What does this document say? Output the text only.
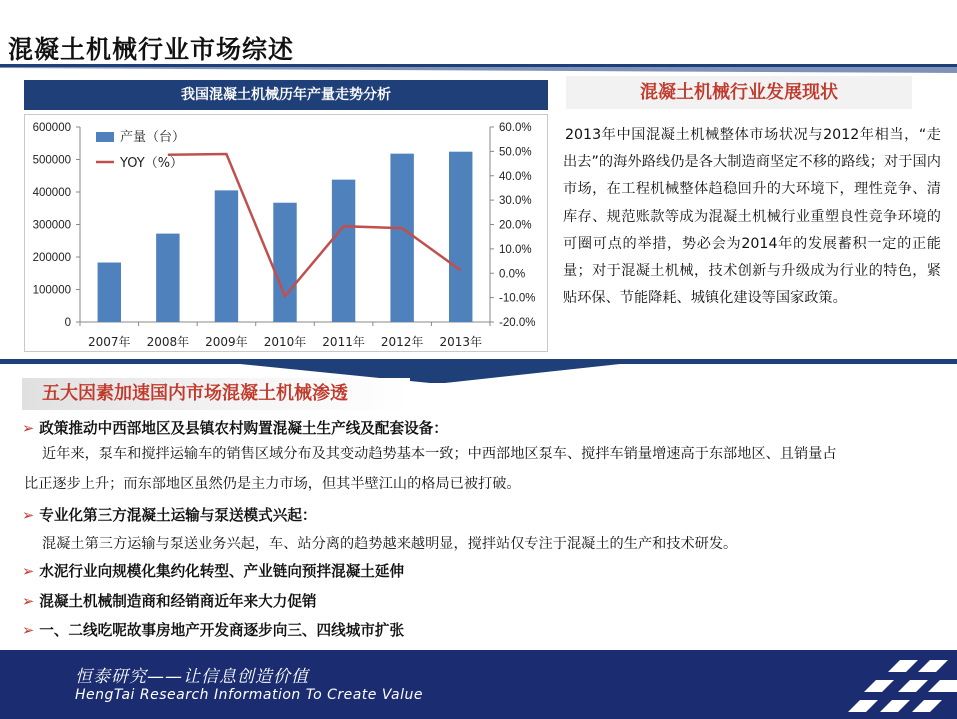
混凝土机械行业市场综述
我国混凝土机械历年产量走势分析
0
100000
200000
300000
400000
500000
600000
-20.0%
-10.0%
0.0%
10.0%
20.0%
30.0%
40.0%
50.0%
60.0%
2007年 2008年 2009年 2010年 2011年 2012年 2013年
产量（台）
YOY（%）
混凝土机械行业发展现状
2013年中国混凝土机械整体市场状况与2012年相当，“走出去”的海外路线仍是各大制造商坚定不移的路线；对于国内市场，在工程机械整体趋稳回升的大环境下，理性竞争、清库存、规范账款等成为混凝土机械行业重塑良性竞争环境的可圈可点的举措，势必会为2014年的发展蓄积一定的正能量；对于混凝土机械，技术创新与升级成为行业的特色，紧贴环保、节能降耗、城镇化建设等国家政策。
五大因素加速国内市场混凝土机械渗透
➢ 政策推动中西部地区及县镇农村购置混凝土生产线及配套设备：
近年来，泵车和搅拌运输车的销售区域分布及其变动趋势基本一致；中西部地区泵车、搅拌车销量增速高于东部地区、且销量占
比正逐步上升；而东部地区虽然仍是主力市场，但其半壁江山的格局已被打破。
➢ 专业化第三方混凝土运输与泵送模式兴起：
混凝土第三方运输与泵送业务兴起，车、站分离的趋势越来越明显，搅拌站仅专注于混凝土的生产和技术研发。
➢ 水泥行业向规模化集约化转型、产业链向预拌混凝土延伸
➢ 混凝土机械制造商和经销商近年来大力促销
➢ 一、二线吃呢故事房地产开发商逐步向三、四线城市扩张
恒泰研究——让信息创造价值
HengTai Research Information To Create Value
